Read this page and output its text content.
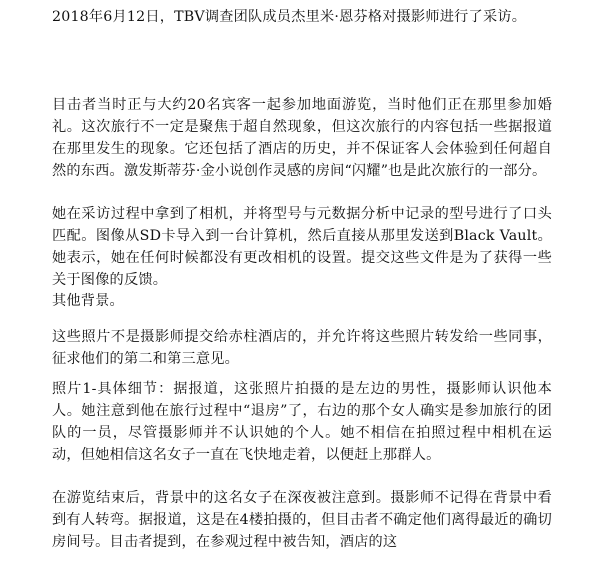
2018年6月12日，TBV调查团队成员杰里米·恩芬格对摄影师进行了采访。

目击者当时正与大约20名宾客一起参加地面游览，当时他们正在那里参加婚礼。这次旅行不一定是聚焦于超自然现象，但这次旅行的内容包括一些据报道在那里发生的现象。它还包括了酒店的历史，并不保证客人会体验到任何超自然的东西。激发斯蒂芬·金小说创作灵感的房间“闪耀”也是此次旅行的一部分。

她在采访过程中拿到了相机，并将型号与元数据分析中记录的型号进行了口头匹配。图像从SD卡导入到一台计算机，然后直接从那里发送到Black Vault。她表示，她在任何时候都没有更改相机的设置。提交这些文件是为了获得一些关于图像的反馈。

其他背景。

这些照片不是摄影师提交给赤柱酒店的，并允许将这些照片转发给一些同事，征求他们的第二和第三意见。

照片1-具体细节：据报道，这张照片拍摄的是左边的男性，摄影师认识他本人。她注意到他在旅行过程中“退房”了，右边的那个女人确实是参加旅行的团队的一员，尽管摄影师并不认识她的个人。她不相信在拍照过程中相机在运动，但她相信这名女子一直在飞快地走着，以便赶上那群人。

在游览结束后，背景中的这名女子在深夜被注意到。摄影师不记得在背景中看到有人转弯。据报道，这是在4楼拍摄的，但目击者不确定他们离得最近的确切房间号。目击者提到，在参观过程中被告知，酒店的这
